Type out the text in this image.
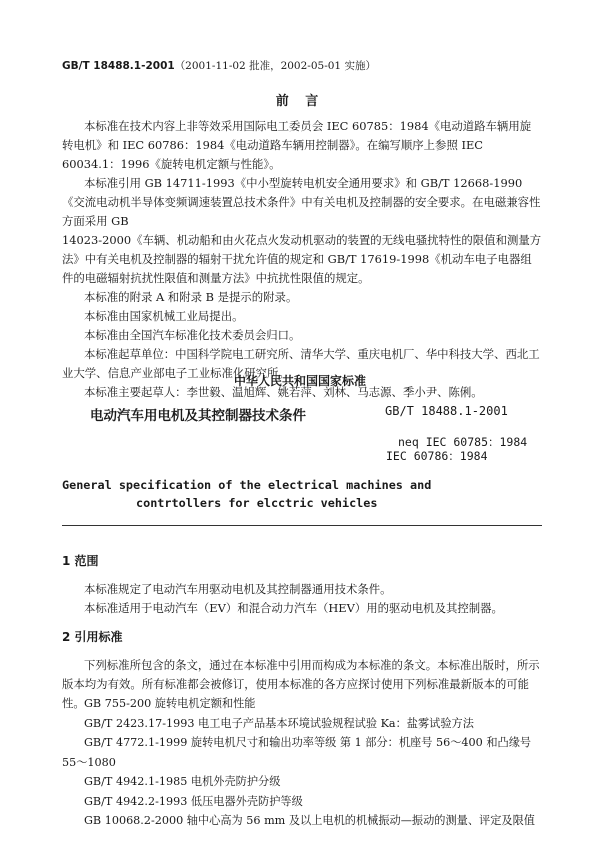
GB/T 18488.1-2001（2001-11-02 批准，2002-05-01 实施）
前 言

本标准在技术内容上非等效采用国际电工委员会 IEC 60785：1984《电动道路车辆用旋转电机》和 IEC 60786：1984《电动道路车辆用控制器》。在编写顺序上参照 IEC 60034.1：1996《旋转电机定额与性能》。

本标准引用 GB 14711-1993《中小型旋转电机安全通用要求》和 GB/T 12668-1990《交流电动机半导体变频调速装置总技术条件》中有关电机及控制器的安全要求。在电磁兼容性方面采用 GB

14023-2000《车辆、机动船和由火花点火发动机驱动的装置的无线电骚扰特性的限值和测量方法》中有关电机及控制器的辐射干扰允许值的规定和 GB/T 17619-1998《机动车电子电器组件的电磁辐射抗扰性限值和测量方法》中抗扰性限值的规定。

本标准的附录 A 和附录 B 是提示的附录。

本标准由国家机械工业局提出。

本标准由全国汽车标准化技术委员会归口。

本标准起草单位：中国科学院电工研究所、清华大学、重庆电机厂、华中科技大学、西北工业大学、信息产业部电子工业标准化研究所。

本标准主要起草人：李世毅、温旭辉、姚若萍、刘林、马志源、季小尹、陈俐。

中华人民共和国国家标准
电动汽车用电机及其控制器技术条件	GB/T 18488.1-2001
neq IEC 60785：1984
IEC 60786：1984
General specification of the electrical machines and
contrtollers for elcctric vehicles
1 范围

本标准规定了电动汽车用驱动电机及其控制器通用技术条件。

本标准适用于电动汽车（EV）和混合动力汽车（HEV）用的驱动电机及其控制器。

2 引用标准

下列标准所包含的条文，通过在本标准中引用而构成为本标准的条文。本标准出版时，所示版本均为有效。所有标准都会被修订，使用本标准的各方应探讨使用下列标准最新版本的可能性。 GB 755-200 旋转电机定额和性能
GB/T 2423.17-1993 电工电子产品基本环境试验规程试验 Ka：盐雾试验方法
GB/T 4772.1-1999 旋转电机尺寸和输出功率等级 第 1 部分：机座号 56～400 和凸缘号
55～1080
GB/T 4942.1-1985 电机外壳防护分级
GB/T 4942.2-1993 低压电器外壳防护等级
GB 10068.2-2000 轴中心高为 56 mm 及以上电机的机械振动—振动的测量、评定及限值
